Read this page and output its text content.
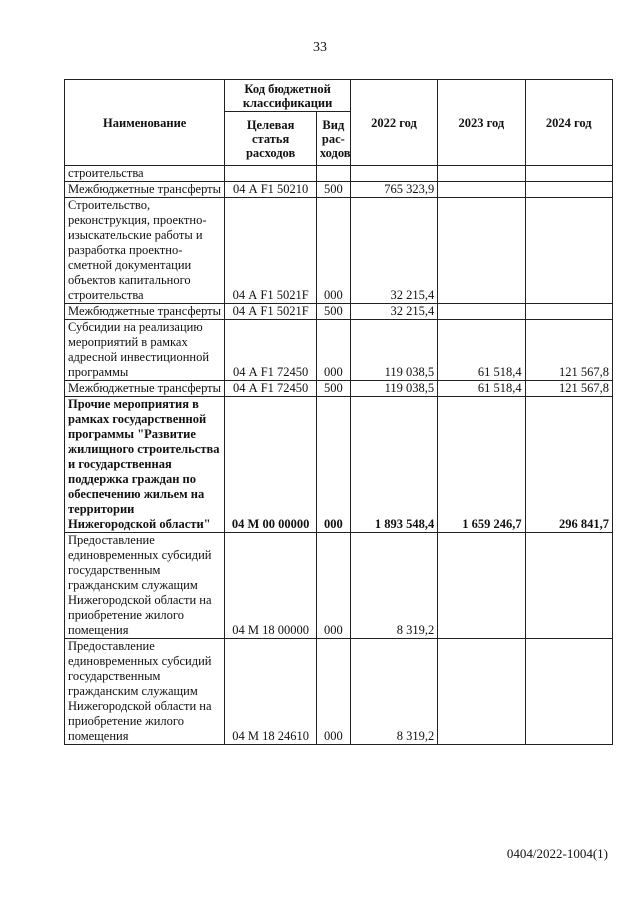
33
Наименование	Код бюджетной классификации		2022 год	2023 год	2024 год
	Целевая статья расходов	Вид рас-ходов			
строительства					
Межбюджетные трансферты	04 А F1 50210	500	765 323,9		
Строительство, реконструкция, проектно-изыскательские работы и разработка проектно-сметной документации объектов капитального строительства	04 А F1 5021F	000	32 215,4		
Межбюджетные трансферты	04 А F1 5021F	500	32 215,4		
Субсидии на реализацию мероприятий в рамках адресной инвестиционной программы	04 А F1 72450	000	119 038,5	61 518,4	121 567,8
Межбюджетные трансферты	04 А F1 72450	500	119 038,5	61 518,4	121 567,8
Прочие мероприятия в рамках государственной программы "Развитие жилищного строительства и государственная поддержка граждан по обеспечению жильем на территории Нижегородской области"	04 М 00 00000	000	1 893 548,4	1 659 246,7	296 841,7
Предоставление единовременных субсидий государственным гражданским служащим Нижегородской области на приобретение жилого помещения	04 М 18 00000	000	8 319,2		
Предоставление единовременных субсидий государственным гражданским служащим Нижегородской области на приобретение жилого помещения	04 М 18 24610	000	8 319,2		
0404/2022-1004(1)
